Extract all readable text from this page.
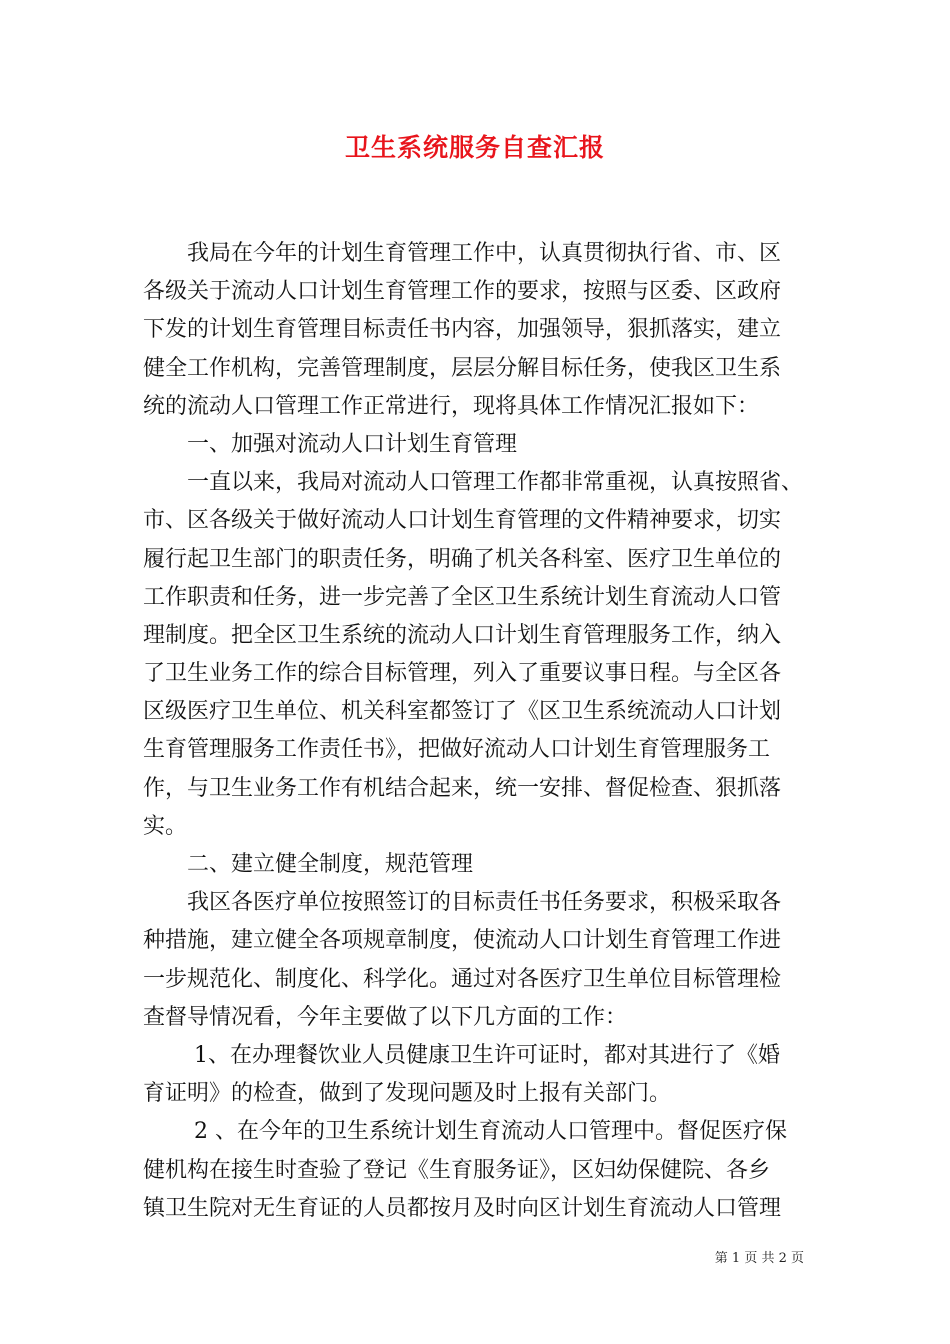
卫生系统服务自查汇报
　　我局在今年的计划生育管理工作中，认真贯彻执行省、市、区
各级关于流动人口计划生育管理工作的要求，按照与区委、区政府
下发的计划生育管理目标责任书内容，加强领导，狠抓落实，建立
健全工作机构，完善管理制度，层层分解目标任务，使我区卫生系
统的流动人口管理工作正常进行，现将具体工作情况汇报如下：
　　一、加强对流动人口计划生育管理
　　一直以来，我局对流动人口管理工作都非常重视，认真按照省、
市、区各级关于做好流动人口计划生育管理的文件精神要求，切实
履行起卫生部门的职责任务，明确了机关各科室、医疗卫生单位的
工作职责和任务，进一步完善了全区卫生系统计划生育流动人口管
理制度。把全区卫生系统的流动人口计划生育管理服务工作，纳入
了卫生业务工作的综合目标管理，列入了重要议事日程。与全区各
区级医疗卫生单位、机关科室都签订了《区卫生系统流动人口计划
生育管理服务工作责任书》，把做好流动人口计划生育管理服务工
作，与卫生业务工作有机结合起来，统一安排、督促检查、狠抓落
实。
　　二、建立健全制度，规范管理
　　我区各医疗单位按照签订的目标责任书任务要求，积极采取各
种措施，建立健全各项规章制度，使流动人口计划生育管理工作进
一步规范化、制度化、科学化。通过对各医疗卫生单位目标管理检
查督导情况看，今年主要做了以下几方面的工作：
　　 1、在办理餐饮业人员健康卫生许可证时，都对其进行了《婚
育证明》的检查，做到了发现问题及时上报有关部门。
　　 2 、在今年的卫生系统计划生育流动人口管理中。督促医疗保
健机构在接生时查验了登记《生育服务证》，区妇幼保健院、各乡
镇卫生院对无生育证的人员都按月及时向区计划生育流动人口管理
第 1 页 共 2 页
